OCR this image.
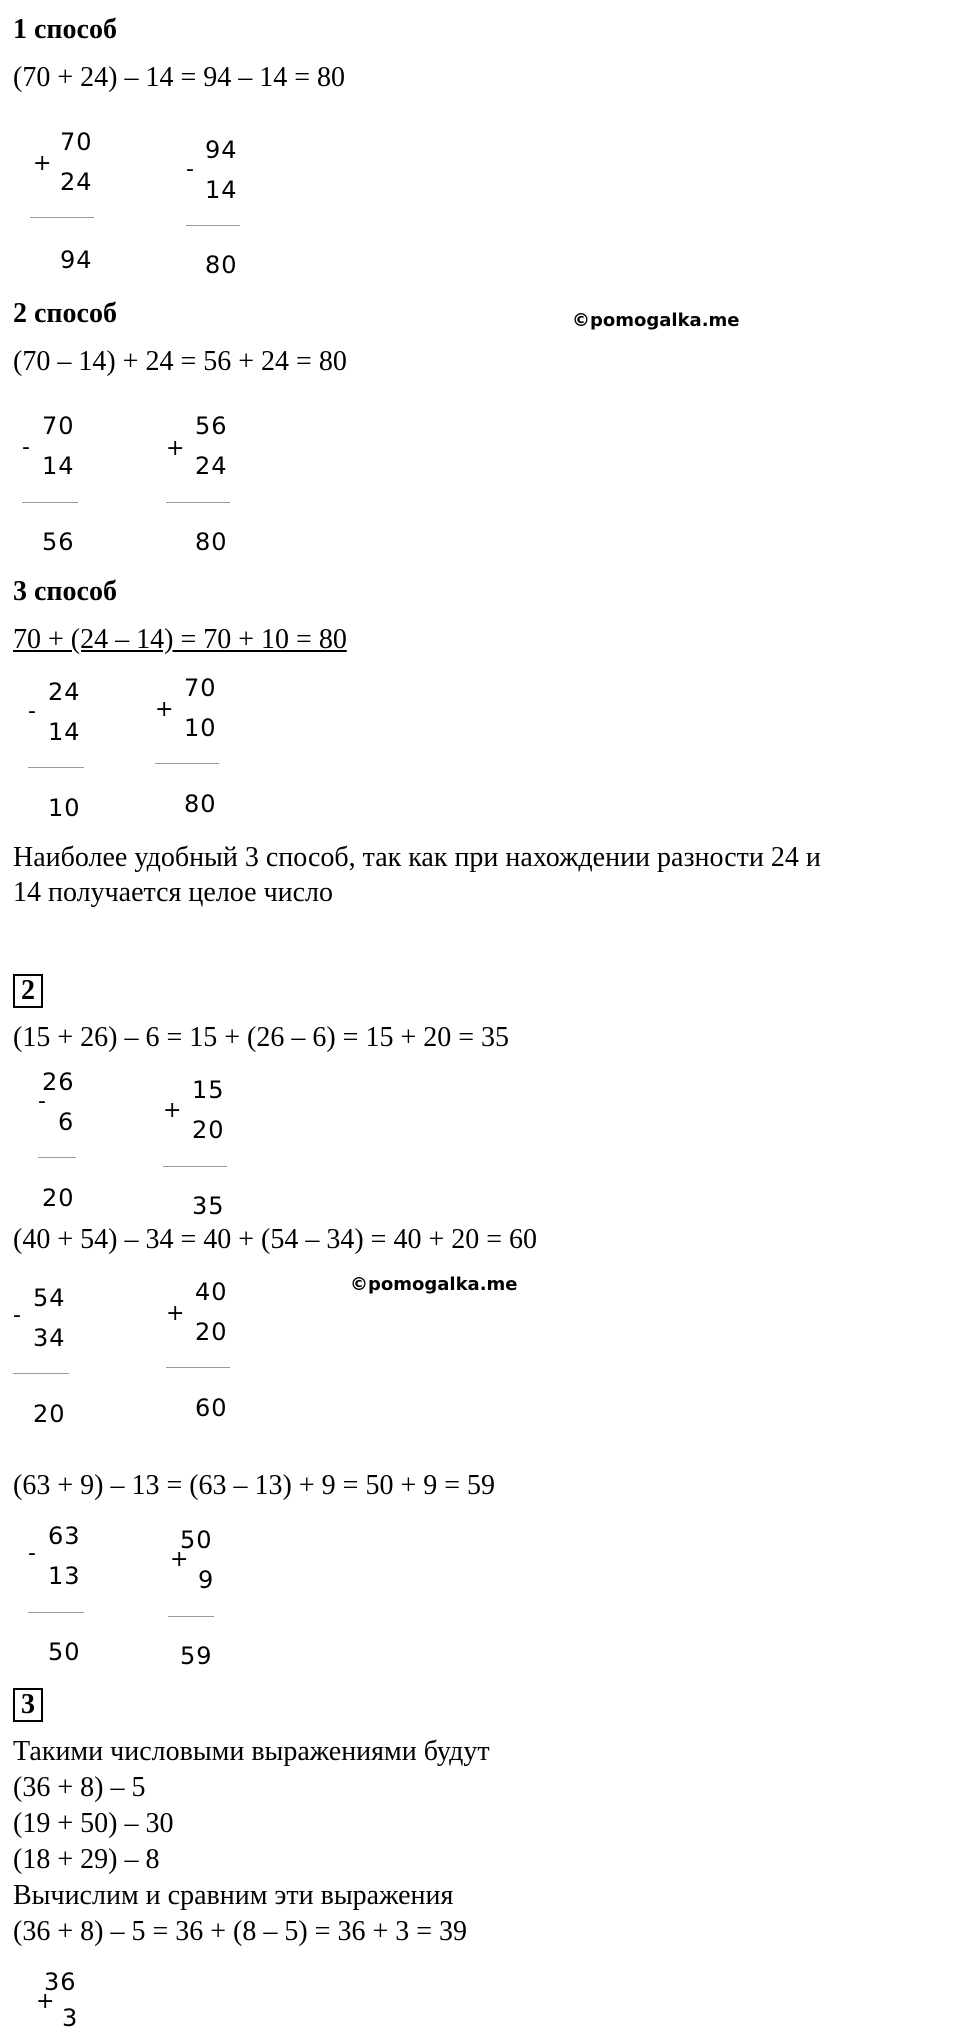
1 способ
(70 + 24) – 14 = 94 – 14 = 80
+
70
24
94
-
94
14
80
2 способ	©pomogalka.me
(70 – 14) + 24 = 56 + 24 = 80
-
70
14
56
+
56
24
80
3 способ
70 + (24 – 14) = 70 + 10 = 80
-
24
14
10
+
70
10
80
Наиболее удобный 3 способ, так как при нахождении разности 24 и
14 получается целое число
2
(15 + 26) – 6 = 15 + (26 – 6) = 15 + 20 = 35
-
26
6
20
+
15
20
35
(40 + 54) – 34 = 40 + (54 – 34) = 40 + 20 = 60
©pomogalka.me
-
54
34
20
+
40
20
60
(63 + 9) – 13 = (63 – 13) + 9 = 50 + 9 = 59
-
63
13
50
+
50
9
59
3
Такими числовыми выражениями будут
(36 + 8) – 5
(19 + 50) – 30
(18 + 29) – 8
Вычислим и сравним эти выражения
(36 + 8) – 5 = 36 + (8 – 5) = 36 + 3 = 39
+
36
3
